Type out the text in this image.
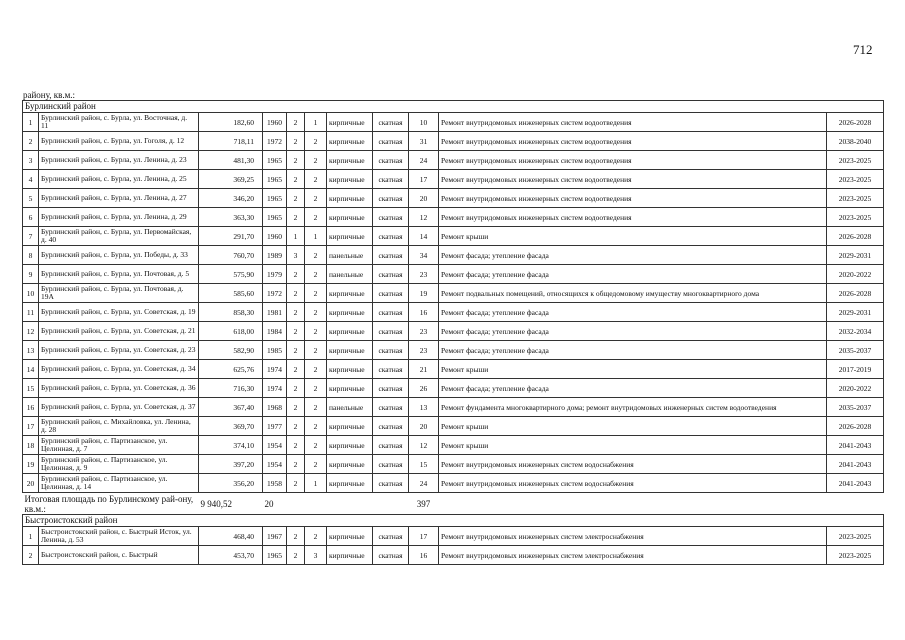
712
району, кв.м.:
Бурлинский район										
1	Бурлинский район, с. Бурла, ул. Восточная, д. 11	182,60	1960	2	1	кирпичные	скатная	10	Ремонт внутридомовых инженерных систем водоотведения	2026-2028
2	Бурлинский район, с. Бурла, ул. Гоголя, д. 12	718,11	1972	2	2	кирпичные	скатная	31	Ремонт внутридомовых инженерных систем водоотведения	2038-2040
3	Бурлинский район, с. Бурла, ул. Ленина, д. 23	481,30	1965	2	2	кирпичные	скатная	24	Ремонт внутридомовых инженерных систем водоотведения	2023-2025
4	Бурлинский район, с. Бурла, ул. Ленина, д. 25	369,25	1965	2	2	кирпичные	скатная	17	Ремонт внутридомовых инженерных систем водоотведения	2023-2025
5	Бурлинский район, с. Бурла, ул. Ленина, д. 27	346,20	1965	2	2	кирпичные	скатная	20	Ремонт внутридомовых инженерных систем водоотведения	2023-2025
6	Бурлинский район, с. Бурла, ул. Ленина, д. 29	363,30	1965	2	2	кирпичные	скатная	12	Ремонт внутридомовых инженерных систем водоотведения	2023-2025
7	Бурлинский район, с. Бурла, ул. Первомайская, д. 40	291,70	1960	1	1	кирпичные	скатная	14	Ремонт крыши	2026-2028
8	Бурлинский район, с. Бурла, ул. Победы, д. 33	760,70	1989	3	2	панельные	скатная	34	Ремонт фасада; утепление фасада	2029-2031
9	Бурлинский район, с. Бурла, ул. Почтовая, д. 5	575,90	1979	2	2	панельные	скатная	23	Ремонт фасада; утепление фасада	2020-2022
10	Бурлинский район, с. Бурла, ул. Почтовая, д. 19А	585,60	1972	2	2	кирпичные	скатная	19	Ремонт подвальных помещений, относящихся к общедомовому имуществу многоквартирного дома	2026-2028
11	Бурлинский район, с. Бурла, ул. Советская, д. 19	858,30	1981	2	2	кирпичные	скатная	16	Ремонт фасада; утепление фасада	2029-2031
12	Бурлинский район, с. Бурла, ул. Советская, д. 21	618,00	1984	2	2	кирпичные	скатная	23	Ремонт фасада; утепление фасада	2032-2034
13	Бурлинский район, с. Бурла, ул. Советская, д. 23	582,90	1985	2	2	кирпичные	скатная	23	Ремонт фасада; утепление фасада	2035-2037
14	Бурлинский район, с. Бурла, ул. Советская, д. 34	625,76	1974	2	2	кирпичные	скатная	21	Ремонт крыши	2017-2019
15	Бурлинский район, с. Бурла, ул. Советская, д. 36	716,30	1974	2	2	кирпичные	скатная	26	Ремонт фасада; утепление фасада	2020-2022
16	Бурлинский район, с. Бурла, ул. Советская, д. 37	367,40	1968	2	2	панельные	скатная	13	Ремонт фундамента многоквартирного дома; ремонт внутридомовых инженерных систем водоотведения	2035-2037
17	Бурлинский район, с. Михайловка, ул. Ленина, д. 28	369,70	1977	2	2	кирпичные	скатная	20	Ремонт крыши	2026-2028
18	Бурлинский район, с. Партизанское, ул. Целинная, д. 7	374,10	1954	2	2	кирпичные	скатная	12	Ремонт крыши	2041-2043
19	Бурлинский район, с. Партизанское, ул. Целинная, д. 9	397,20	1954	2	2	кирпичные	скатная	15	Ремонт внутридомовых инженерных систем водоснабжения	2041-2043
20	Бурлинский район, с. Партизанское, ул. Целинная, д. 14	356,20	1958	2	1	кирпичные	скатная	24	Ремонт внутридомовых инженерных систем водоснабжения	2041-2043
Итоговая площадь по Бурлинскому рай-ону, кв.м.:		9 940,52	20					397		
Быстроистокский район										
1	Быстроистокский район, с. Быстрый Исток, ул. Ленина, д. 53	468,40	1967	2	2	кирпичные	скатная	17	Ремонт внутридомовых инженерных систем электроснабжения	2023-2025
2	Быстроистокский район, с. Быстрый	453,70	1965	2	3	кирпичные	скатная	16	Ремонт внутридомовых инженерных систем электроснабжения	2023-2025
